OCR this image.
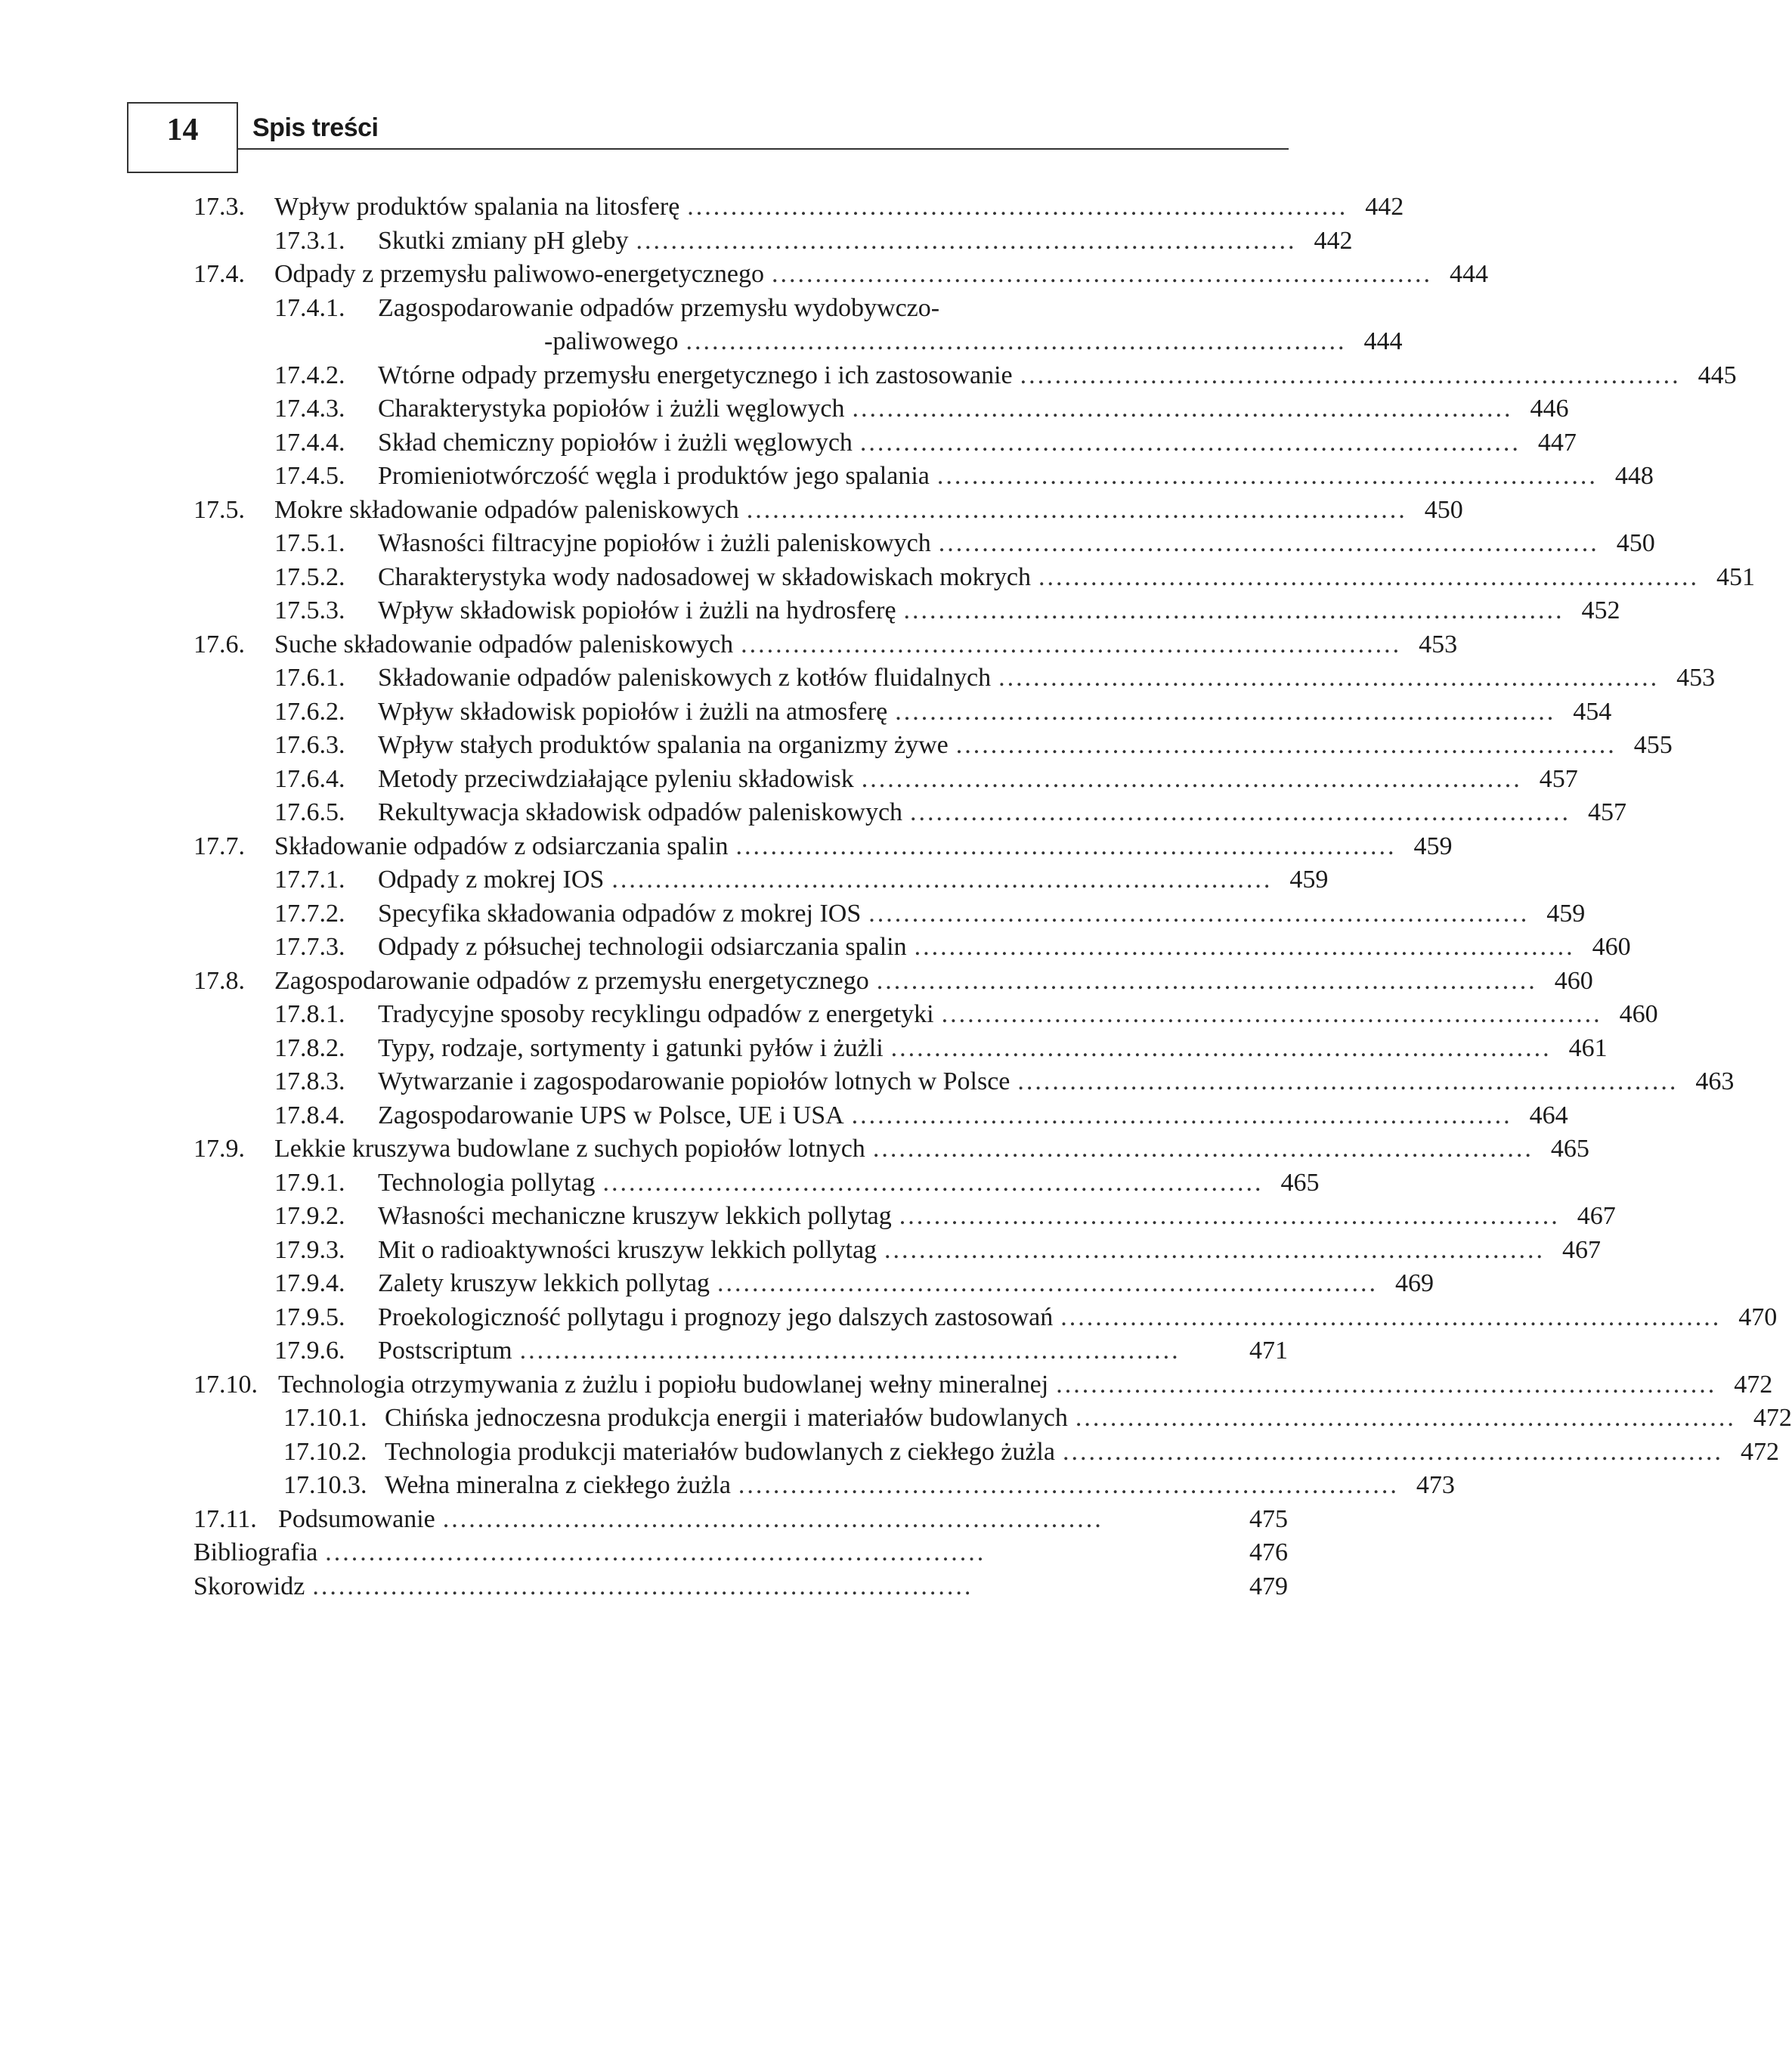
14	Spis treści
17.3. Wpływ produktów spalania na litosferę ............................................................................ 442
17.3.1. Skutki zmiany pH gleby ............................................................................ 442
17.4. Odpady z przemysłu paliwowo-energetycznego ............................................................................ 444
17.4.1. Zagospodarowanie odpadów przemysłu wydobywczo-
-paliwowego ............................................................................ 444
17.4.2. Wtórne odpady przemysłu energetycznego i ich zastosowanie ............................................................................ 445
17.4.3. Charakterystyka popiołów i żużli węglowych ............................................................................ 446
17.4.4. Skład chemiczny popiołów i żużli węglowych ............................................................................ 447
17.4.5. Promieniotwórczość węgla i produktów jego spalania ............................................................................ 448
17.5. Mokre składowanie odpadów paleniskowych ............................................................................ 450
17.5.1. Własności filtracyjne popiołów i żużli paleniskowych ............................................................................ 450
17.5.2. Charakterystyka wody nadosadowej w składowiskach mokrych ............................................................................ 451
17.5.3. Wpływ składowisk popiołów i żużli na hydrosferę ............................................................................ 452
17.6. Suche składowanie odpadów paleniskowych ............................................................................ 453
17.6.1. Składowanie odpadów paleniskowych z kotłów fluidalnych ............................................................................ 453
17.6.2. Wpływ składowisk popiołów i żużli na atmosferę ............................................................................ 454
17.6.3. Wpływ stałych produktów spalania na organizmy żywe ............................................................................ 455
17.6.4. Metody przeciwdziałające pyleniu składowisk ............................................................................ 457
17.6.5. Rekultywacja składowisk odpadów paleniskowych ............................................................................ 457
17.7. Składowanie odpadów z odsiarczania spalin ............................................................................ 459
17.7.1. Odpady z mokrej IOS ............................................................................ 459
17.7.2. Specyfika składowania odpadów z mokrej IOS ............................................................................ 459
17.7.3. Odpady z półsuchej technologii odsiarczania spalin ............................................................................ 460
17.8. Zagospodarowanie odpadów z przemysłu energetycznego ............................................................................ 460
17.8.1. Tradycyjne sposoby recyklingu odpadów z energetyki ............................................................................ 460
17.8.2. Typy, rodzaje, sortymenty i gatunki pyłów i żużli ............................................................................ 461
17.8.3. Wytwarzanie i zagospodarowanie popiołów lotnych w Polsce ............................................................................ 463
17.8.4. Zagospodarowanie UPS w Polsce, UE i USA ............................................................................ 464
17.9. Lekkie kruszywa budowlane z suchych popiołów lotnych ............................................................................ 465
17.9.1. Technologia pollytag ............................................................................ 465
17.9.2. Własności mechaniczne kruszyw lekkich pollytag ............................................................................ 467
17.9.3. Mit o radioaktywności kruszyw lekkich pollytag ............................................................................ 467
17.9.4. Zalety kruszyw lekkich pollytag ............................................................................ 469
17.9.5. Proekologiczność pollytagu i prognozy jego dalszych zastosowań ............................................................................ 470
17.9.6. Postscriptum ............................................................................	471
17.10. Technologia otrzymywania z żużlu i popiołu budowlanej wełny mineralnej ............................................................................ 472
17.10.1. Chińska jednoczesna produkcja energii i materiałów budowlanych ............................................................................ 472
17.10.2. Technologia produkcji materiałów budowlanych z ciekłego żużla ............................................................................ 472
17.10.3. Wełna mineralna z ciekłego żużla ............................................................................ 473
17.11. Podsumowanie ............................................................................	475
Bibliografia ............................................................................	476
Skorowidz ............................................................................	479
